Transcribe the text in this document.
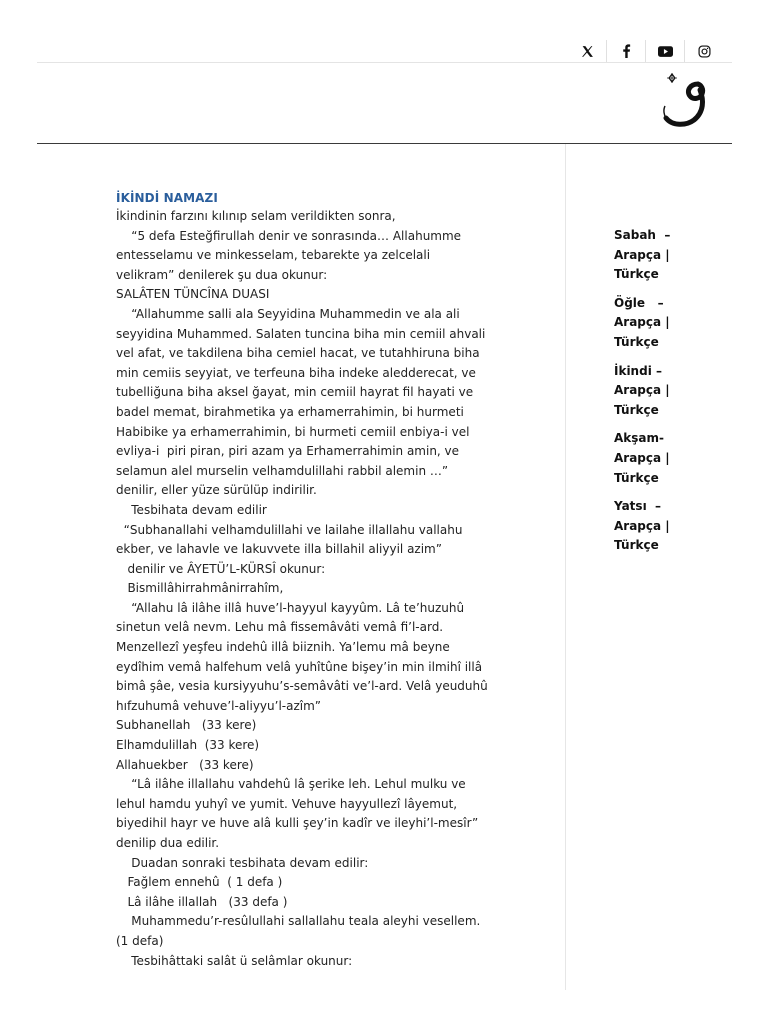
İKİNDİ NAMAZI

İkindinin farzını kılınıp selam verildikten sonra,

“5 defa Esteğfirullah denir ve sonrasında… Allahumme entesselamu ve minkesselam, tebarekte ya zelcelali velikram” denilerek şu dua okunur:

SALÂTEN TÜNCÎNA DUASI

“Allahumme salli ala Seyyidina Muhammedin ve ala ali seyyidina Muhammed. Salaten tuncina biha min cemiil ahvali vel afat, ve takdilena biha cemiel hacat, ve tutahhiruna biha min cemiis seyyiat, ve terfeuna biha indeke aledderecat, ve tubelliğuna biha aksel ğayat, min cemiil hayrat fil hayati ve badel memat, birahmetika ya erhamerrahimin, bi hurmeti Habibike ya erhamerrahimin, bi hurmeti cemiil enbiya-i vel evliya-i  piri piran, piri azam ya Erhamerrahimin amin, ve selamun alel murselin velhamdulillahi rabbil alemin …” denilir, eller yüze sürülüp indirilir.

Tesbihata devam edilir

“Subhanallahi velhamdulillahi ve lailahe illallahu vallahu ekber, ve lahavle ve lakuvvete illa billahil aliyyil azim”

denilir ve ÂYETÜ’L-KÜRSÎ okunur:

Bismillâhirrahmânirrahîm,

“Allahu lâ ilâhe illâ huve’l-hayyul kayyûm. Lâ te’huzuhû sinetun velâ nevm. Lehu mâ fissemâvâti vemâ fi’l-ard. Menzellezî yeşfeu indehû illâ biiznih. Ya’lemu mâ beyne eydîhim vemâ halfehum velâ yuhîtûne bişey’in min ilmihî illâ bimâ şâe, vesia kursiyyuhu’s-semâvâti ve’l-ard. Velâ yeuduhû hıfzuhumâ vehuve’l-aliyyu’l-azîm”

Subhanellah   (33 kere)

Elhamdulillah  (33 kere)

Allahuekber   (33 kere)

“Lâ ilâhe illallahu vahdehû lâ şerike leh. Lehul mulku ve lehul hamdu yuhyî ve yumit. Vehuve hayyullezî lâyemut, biyedihil hayr ve huve alâ kulli şey’in kadîr ve ileyhi’l-mesîr” denilip dua edilir.

Duadan sonraki tesbihata devam edilir:

Fağlem ennehû  ( 1 defa )

Lâ ilâhe illallah   (33 defa )

Muhammedu’r-resûlullahi sallallahu teala aleyhi vesellem. (1 defa)

Tesbihâttaki salât ü selâmlar okunur:

Sabah  –
Arapça |
Türkçe
Öğle   –
Arapça |
Türkçe
İkindi –
Arapça |
Türkçe
Akşam-
Arapça |
Türkçe
Yatsı  –
Arapça |
Türkçe
